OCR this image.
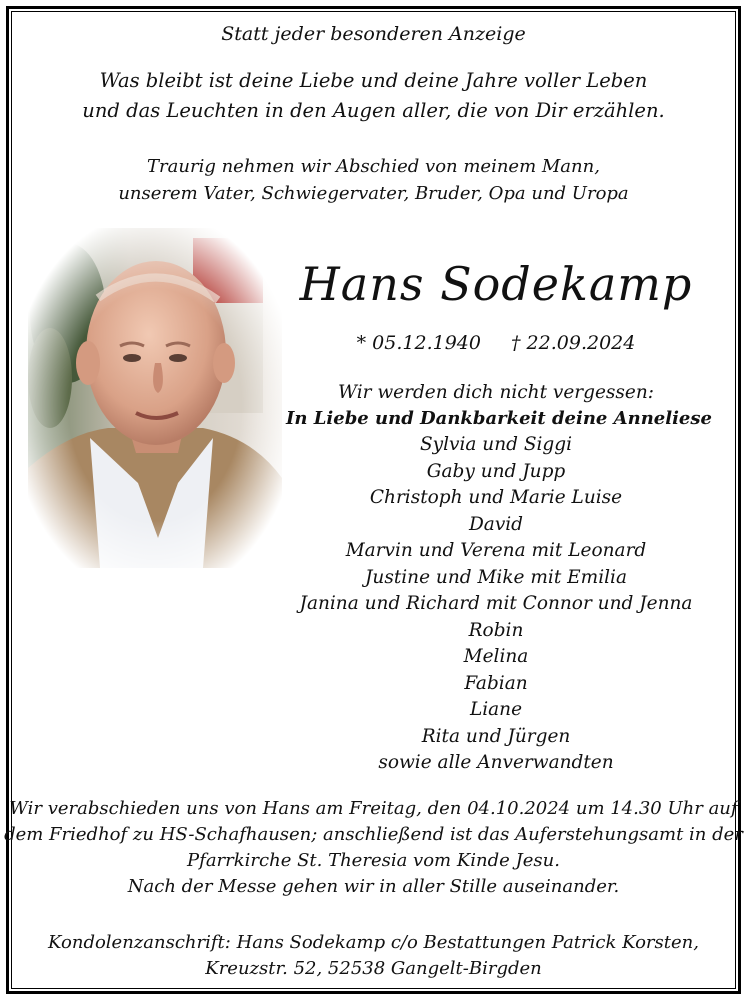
Statt jeder besonderen Anzeige
Was bleibt ist deine Liebe und deine Jahre voller Leben
und das Leuchten in den Augen aller, die von Dir erzählen.
Traurig nehmen wir Abschied von meinem Mann,
unserem Vater, Schwiegervater, Bruder, Opa und Uropa
Hans Sodekamp
* 05.12.1940 † 22.09.2024
Wir werden dich nicht vergessen:
In Liebe und Dankbarkeit deine Anneliese
Sylvia und Siggi
Gaby und Jupp
Christoph und Marie Luise
David
Marvin und Verena mit Leonard
Justine und Mike mit Emilia
Janina und Richard mit Connor und Jenna
Robin
Melina
Fabian
Liane
Rita und Jürgen
sowie alle Anverwandten
Wir verabschieden uns von Hans am Freitag, den 04.10.2024 um 14.30 Uhr auf
dem Friedhof zu HS-Schafhausen; anschließend ist das Auferstehungsamt in der
Pfarrkirche St. Theresia vom Kinde Jesu.
Nach der Messe gehen wir in aller Stille auseinander.
Kondolenzanschrift: Hans Sodekamp c/o Bestattungen Patrick Korsten,
Kreuzstr. 52, 52538 Gangelt-Birgden
